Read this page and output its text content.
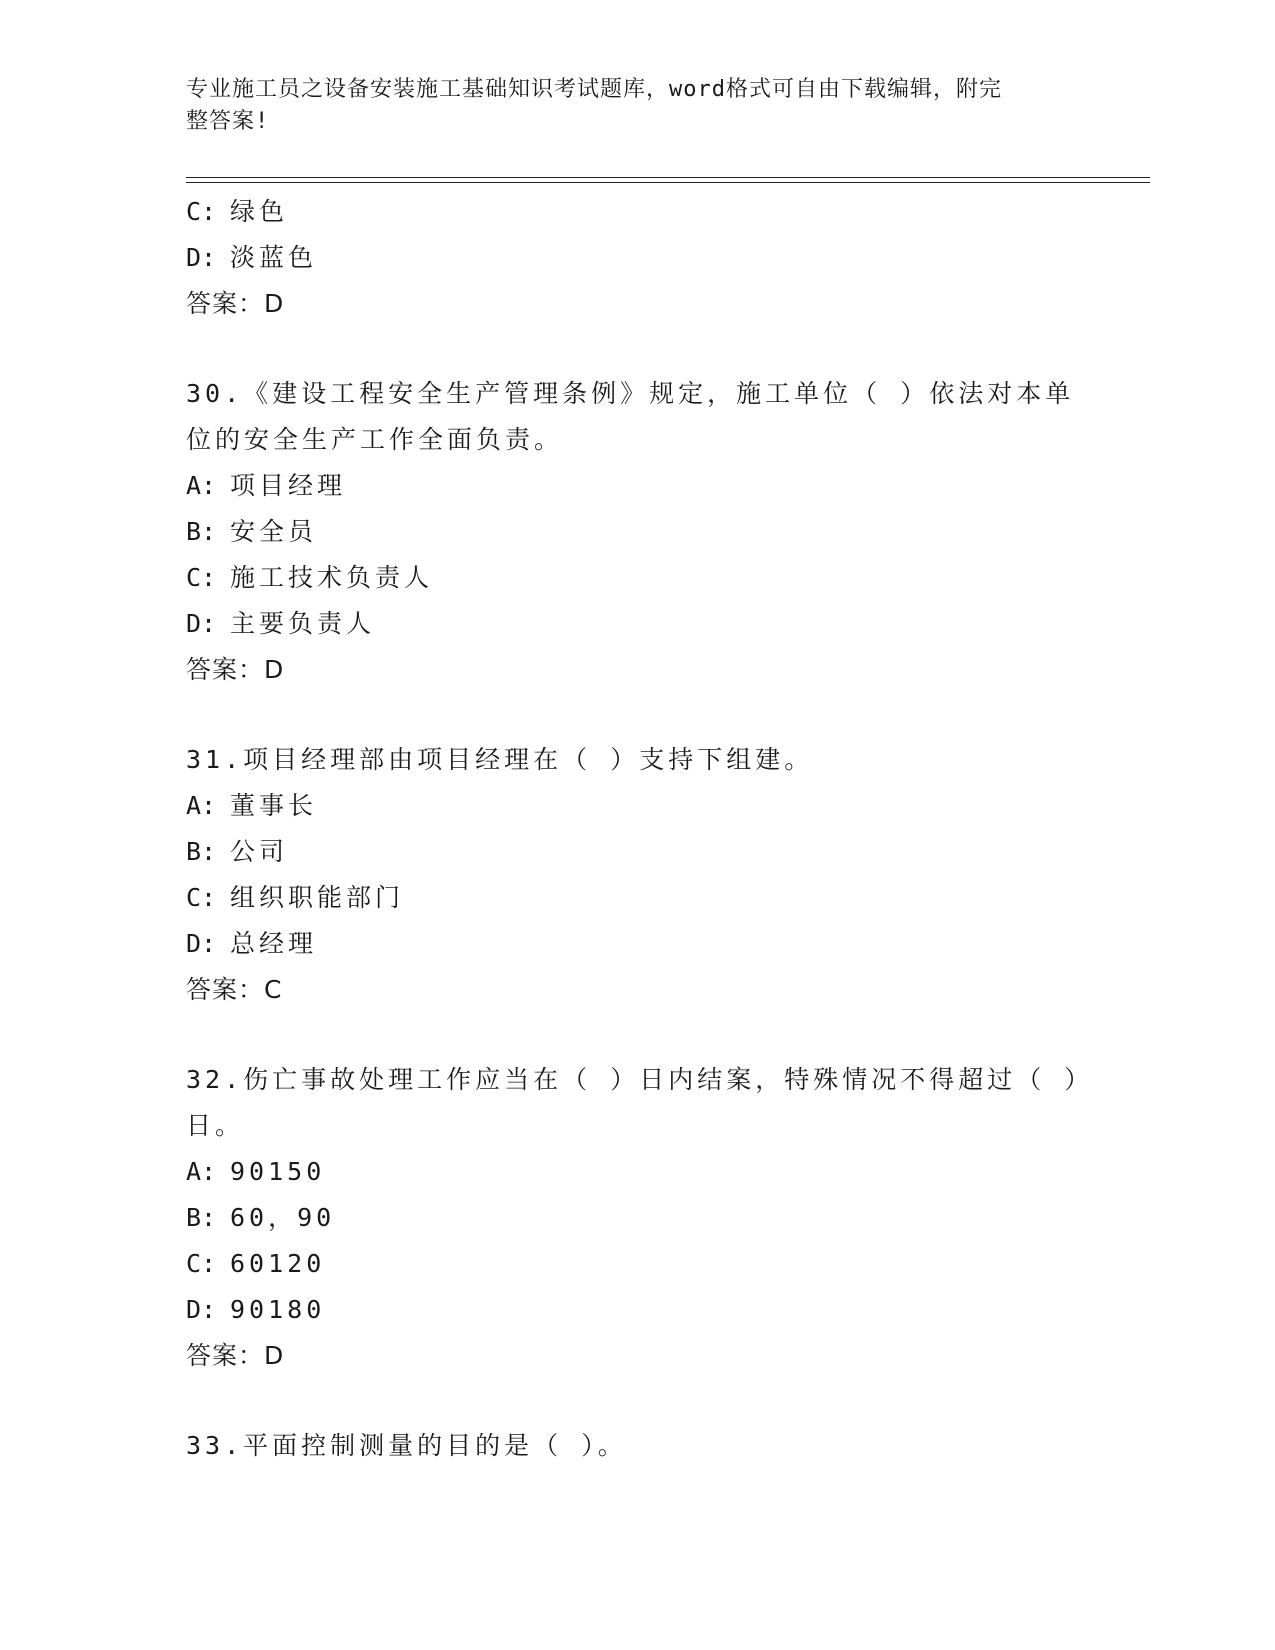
专业施工员之设备安装施工基础知识考试题库，word格式可自由下载编辑，附完
整答案!
C: 绿色
D: 淡蓝色
答案：D
30.《建设工程安全生产管理条例》规定，施工单位（ ）依法对本单
位的安全生产工作全面负责。
A: 项目经理
B: 安全员
C: 施工技术负责人
D: 主要负责人
答案：D
31.项目经理部由项目经理在（ ）支持下组建。
A: 董事长
B: 公司
C: 组织职能部门
D: 总经理
答案：C
32.伤亡事故处理工作应当在（ ）日内结案，特殊情况不得超过（ ）
日。
A: 90150
B: 60，90
C: 60120
D: 90180
答案：D
33.平面控制测量的目的是（ ）。
